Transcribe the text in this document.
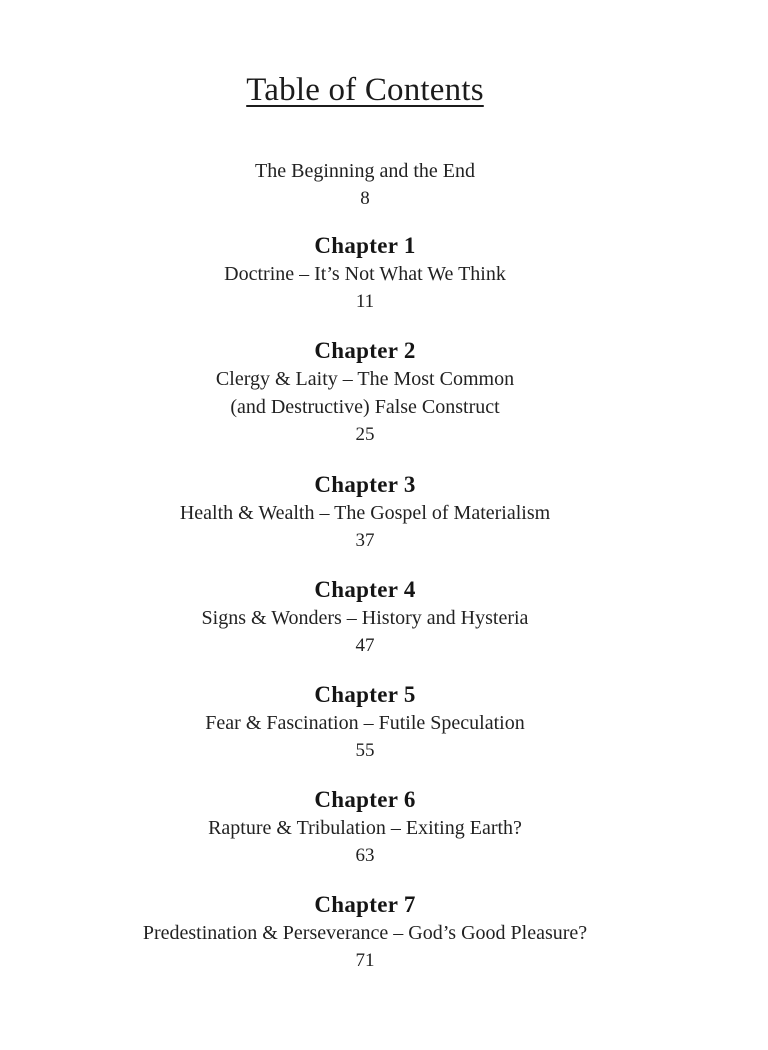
Table of Contents
The Beginning and the End
8
Chapter 1
Doctrine – It’s Not What We Think
11
Chapter 2
Clergy & Laity – The Most Common
(and Destructive) False Construct
25
Chapter 3
Health & Wealth – The Gospel of Materialism
37
Chapter 4
Signs & Wonders – History and Hysteria
47
Chapter 5
Fear & Fascination – Futile Speculation
55
Chapter 6
Rapture & Tribulation – Exiting Earth?
63
Chapter 7
Predestination & Perseverance – God’s Good Pleasure?
71
